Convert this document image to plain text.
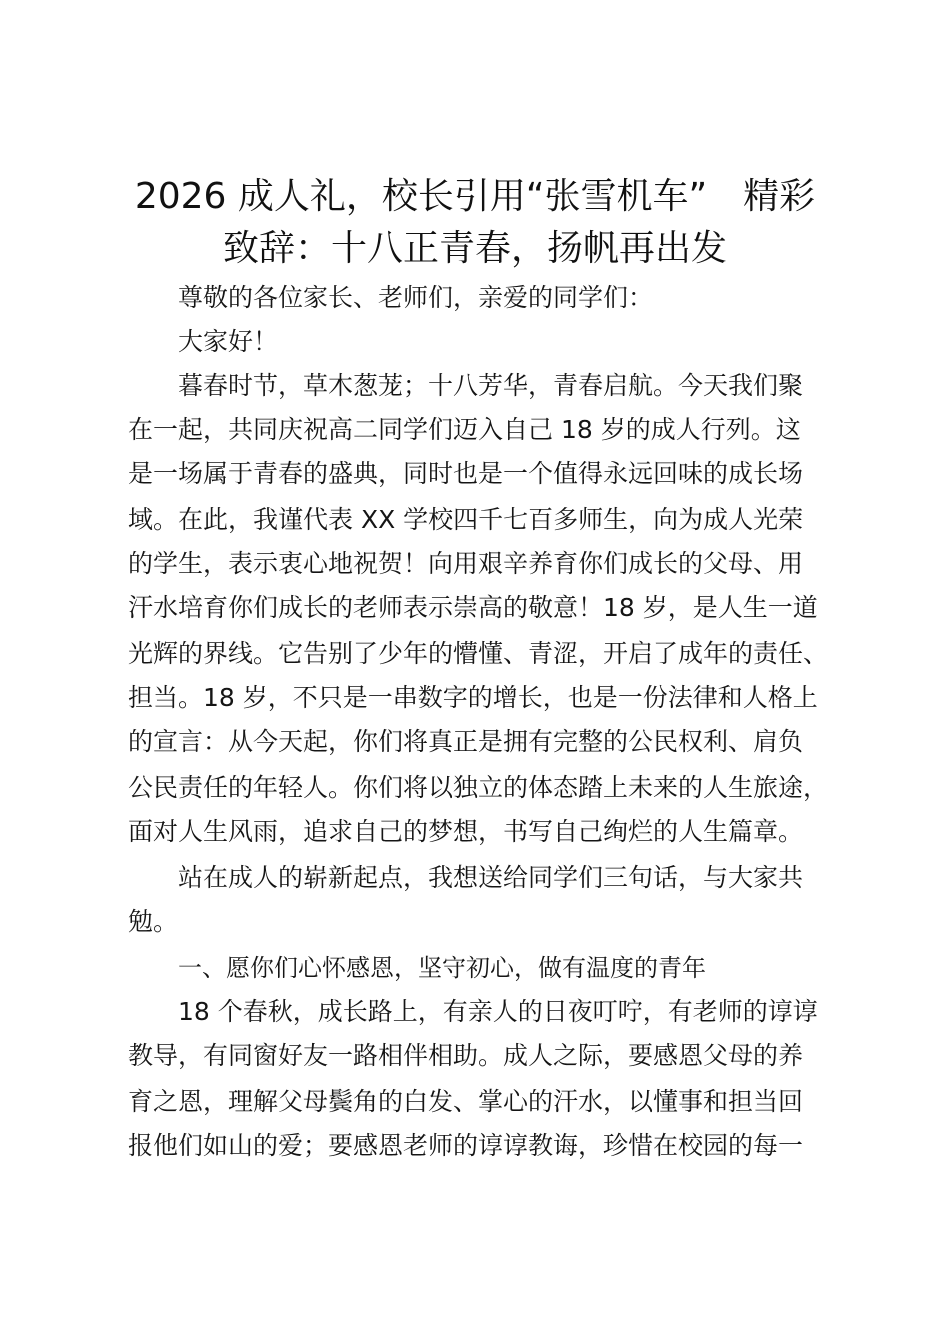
2026 成人礼，校长引用“张雪机车”　精彩
致辞：十八正青春，扬帆再出发
尊敬的各位家长、老师们，亲爱的同学们：
大家好！
暮春时节，草木葱茏；十八芳华，青春启航。今天我们聚
在一起，共同庆祝高二同学们迈入自己 18 岁的成人行列。这
是一场属于青春的盛典，同时也是一个值得永远回味的成长场
域。在此，我谨代表 XX 学校四千七百多师生，向为成人光荣
的学生，表示衷心地祝贺！向用艰辛养育你们成长的父母、用
汗水培育你们成长的老师表示崇高的敬意！18 岁，是人生一道
光辉的界线。它告别了少年的懵懂、青涩，开启了成年的责任、
担当。18 岁，不只是一串数字的增长，也是一份法律和人格上
的宣言：从今天起，你们将真正是拥有完整的公民权利、肩负
公民责任的年轻人。你们将以独立的体态踏上未来的人生旅途，
面对人生风雨，追求自己的梦想，书写自己绚烂的人生篇章。
站在成人的崭新起点，我想送给同学们三句话，与大家共
勉。
一、愿你们心怀感恩，坚守初心，做有温度的青年
18 个春秋，成长路上，有亲人的日夜叮咛，有老师的谆谆
教导，有同窗好友一路相伴相助。成人之际，要感恩父母的养
育之恩，理解父母鬓角的白发、掌心的汗水，以懂事和担当回
报他们如山的爱；要感恩老师的谆谆教诲，珍惜在校园的每一
